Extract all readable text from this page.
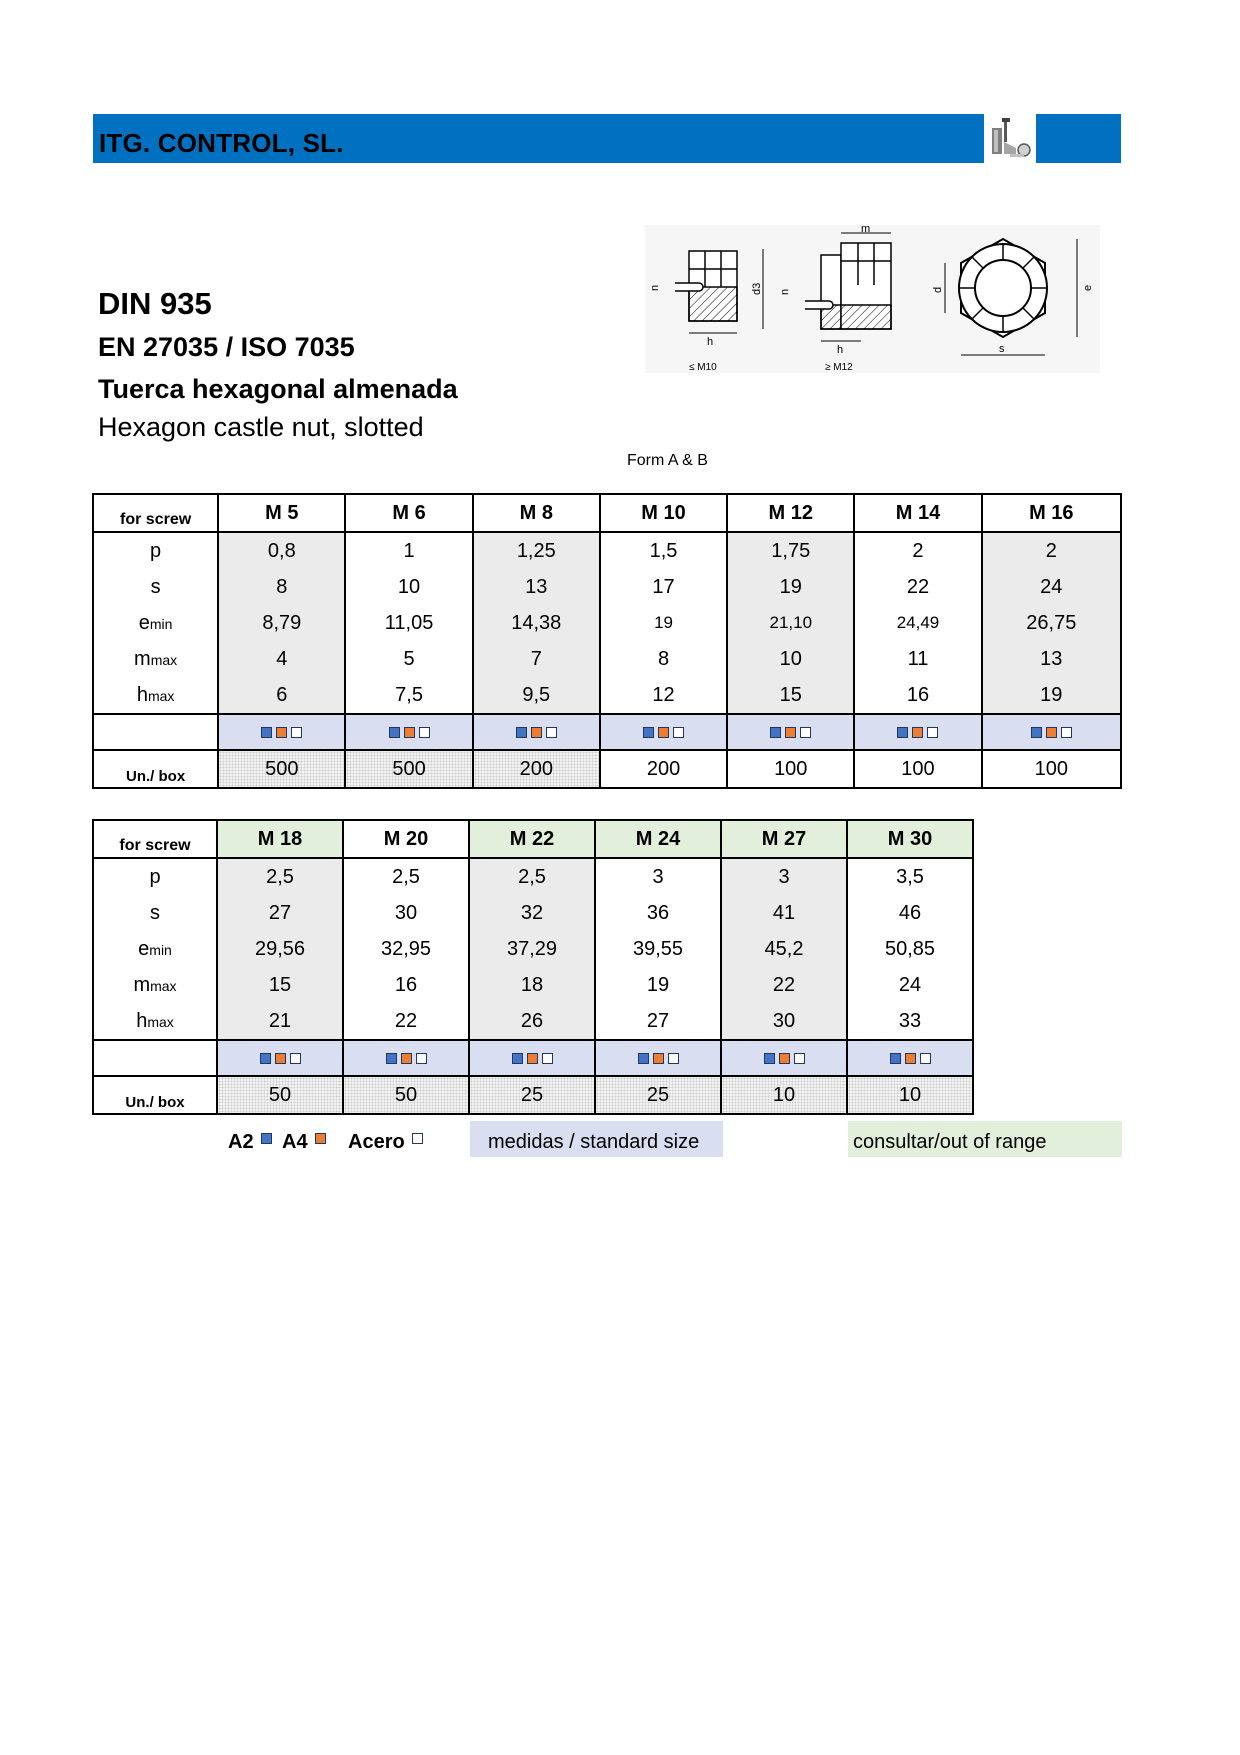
ITG. CONTROL, SL.
DIN 935
EN 27035 / ISO 7035
Tuerca hexagonal almenada
Hexagon castle nut, slotted
Form A & B
n
h
≤ M10
d3 n
m
h
≥ M12
d	e
s
for screw	M 5	M 6	M 8	M 10	M 12	M 14	M 16
p	0,8	1	1,25	1,5	1,75	2	2
s	8	10	13	17	19	22	24
emin	8,79	11,05	14,38	19	21,10	24,49	26,75
mmax	4	5	7	8	10	11	13
hmax	6	7,5	9,5	12	15	16	19

Un./ box	500	500	200	200	100	100	100
for screw	M 18	M 20	M 22	M 24	M 27	M 30
p	2,5	2,5	2,5	3	3	3,5
s	27	30	32	36	41	46
emin	29,56	32,95	37,29	39,55	45,2	50,85
mmax	15	16	18	19	22	24
hmax	21	22	26	27	30	33

Un./ box	50	50	25	25	10	10
A2	A4	Acero	medidas / standard size	consultar/out of range
